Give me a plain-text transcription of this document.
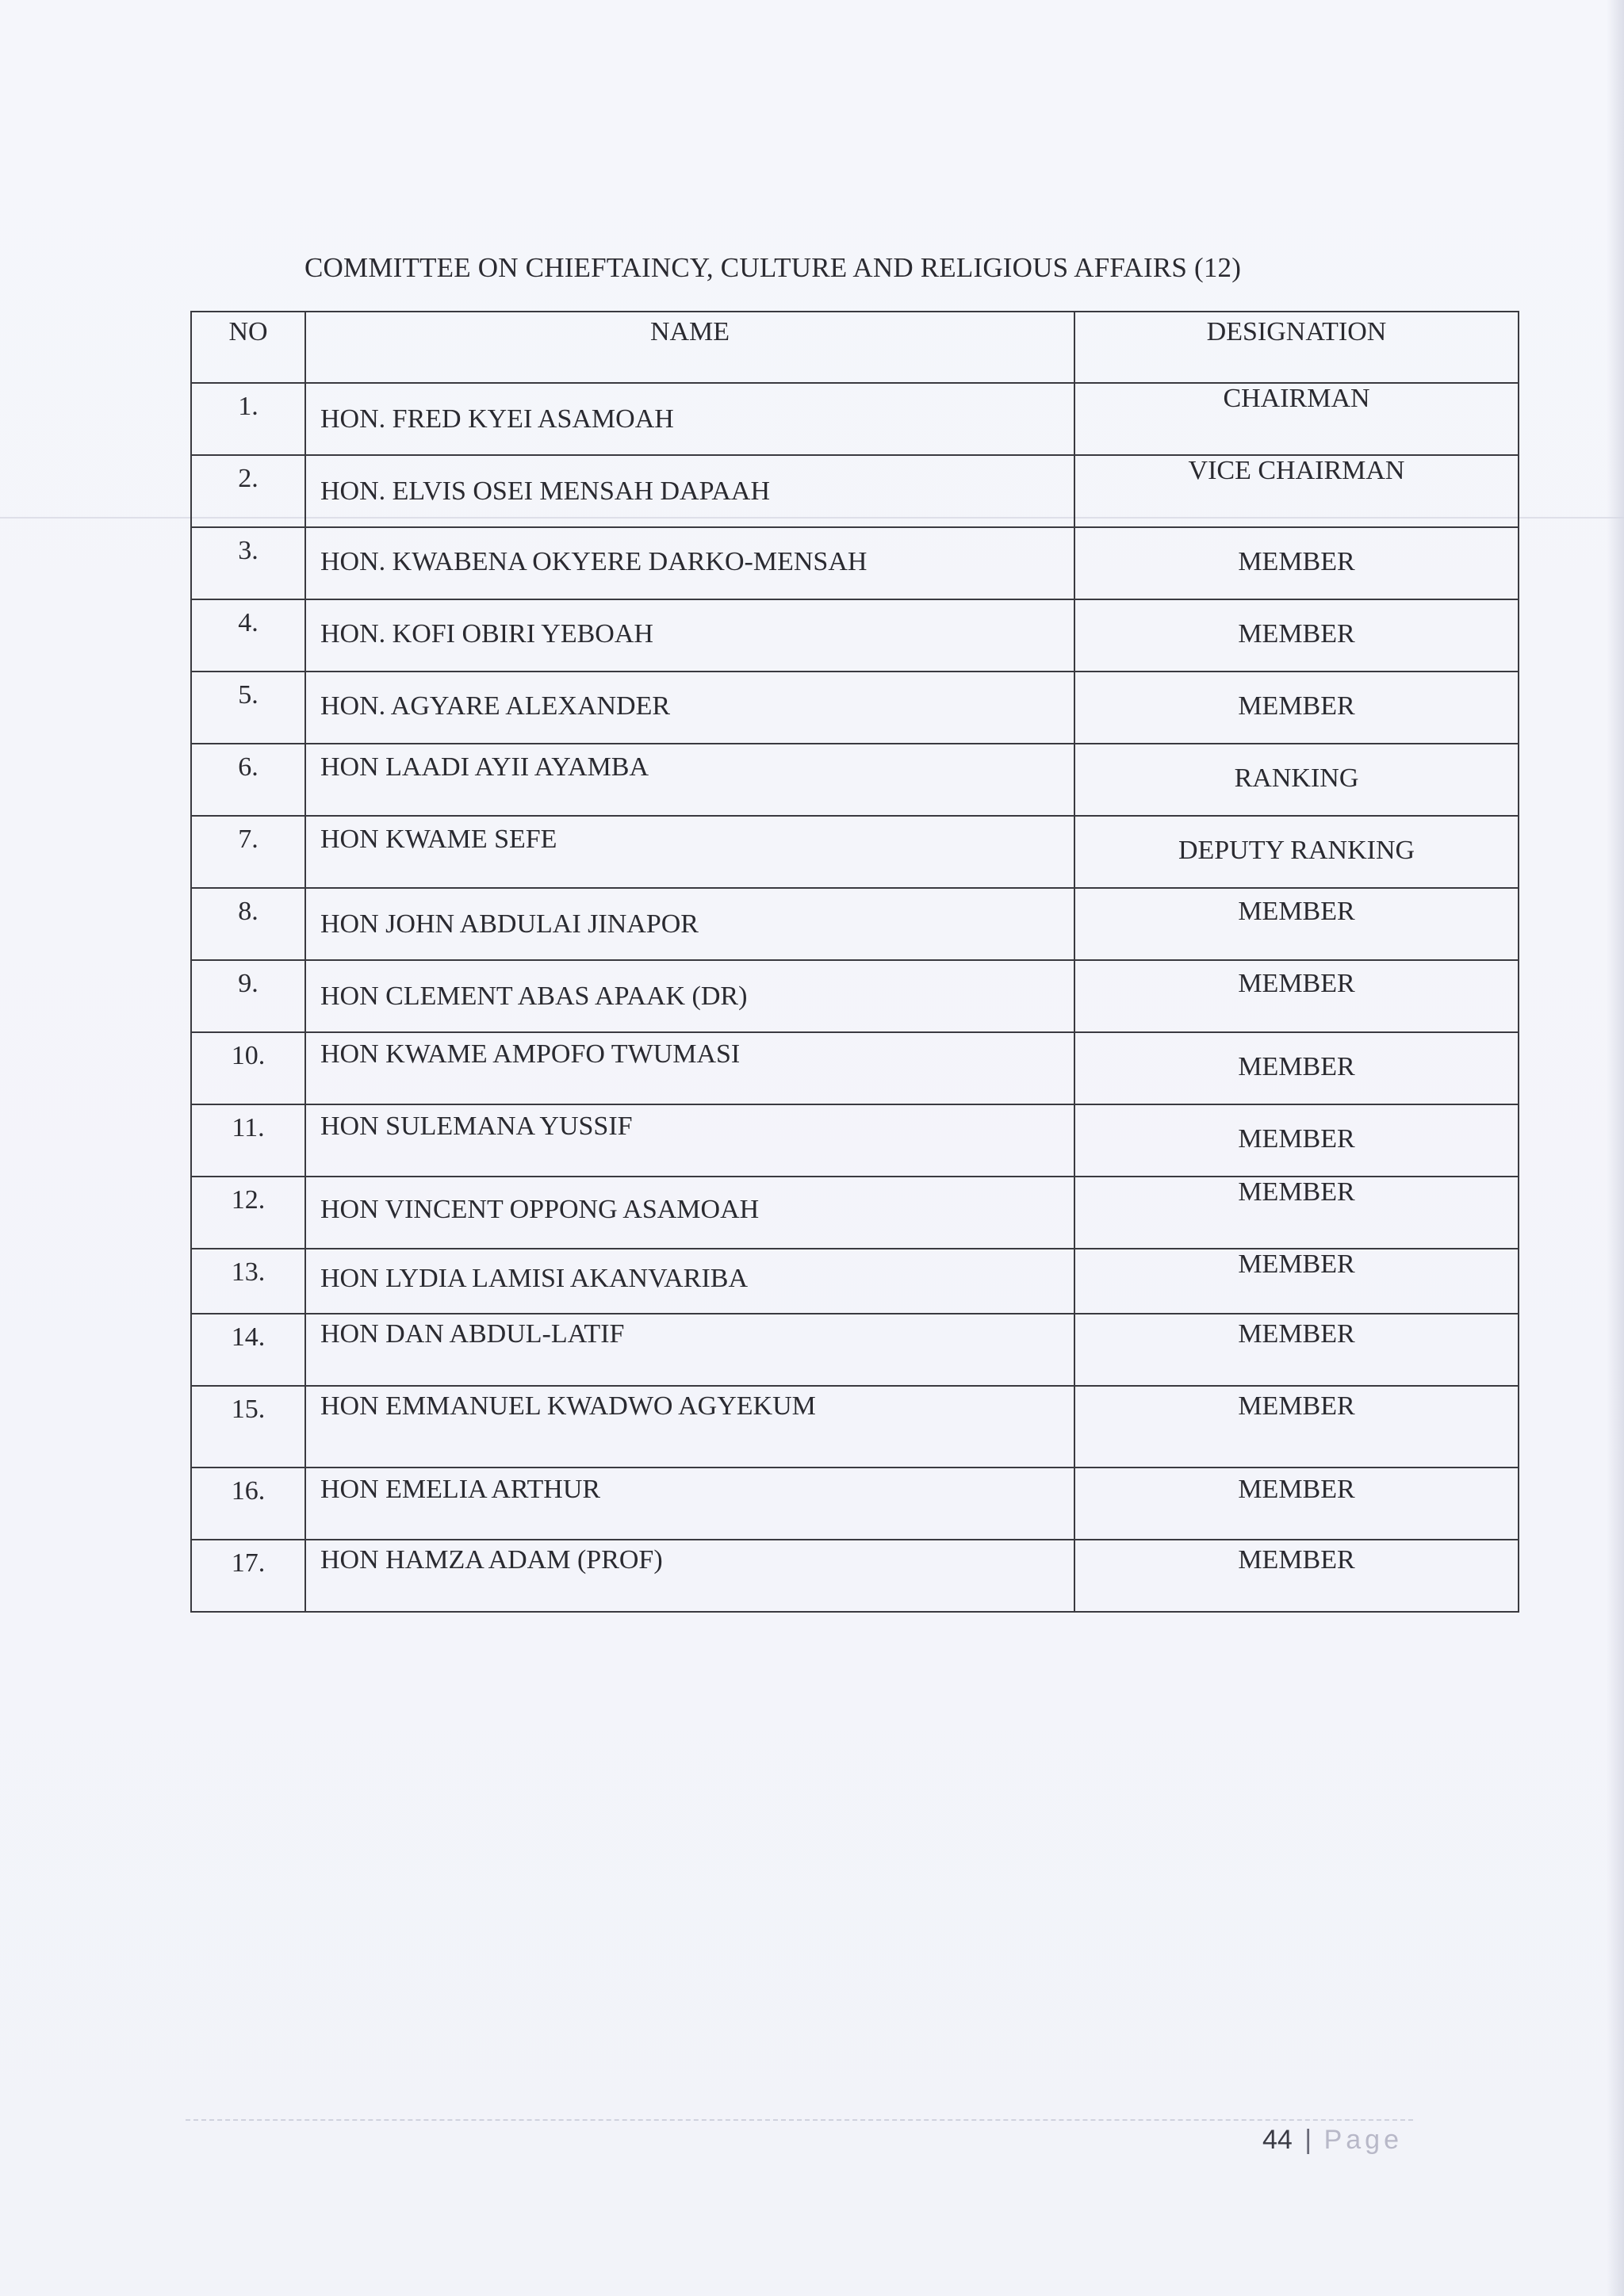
COMMITTEE ON CHIEFTAINCY, CULTURE AND RELIGIOUS AFFAIRS (12)
NO	NAME	DESIGNATION

1.	HON. FRED KYEI ASAMOAH	CHAIRMAN

2.	HON. ELVIS OSEI MENSAH DAPAAH	VICE CHAIRMAN

3.	HON. KWABENA OKYERE DARKO-MENSAH	MEMBER

4.	HON. KOFI OBIRI YEBOAH	MEMBER

5.	HON. AGYARE ALEXANDER	MEMBER

6.	HON LAADI AYII AYAMBA	RANKING

7.	HON KWAME SEFE	DEPUTY RANKING

8.	HON JOHN ABDULAI JINAPOR	MEMBER

9.	HON CLEMENT ABAS APAAK (DR)	MEMBER

10.	HON KWAME AMPOFO TWUMASI	MEMBER

11.	HON SULEMANA YUSSIF	MEMBER

12.	HON VINCENT OPPONG ASAMOAH	MEMBER

13.	HON LYDIA LAMISI AKANVARIBA	MEMBER

14.	HON DAN ABDUL-LATIF	MEMBER

15.	HON EMMANUEL KWADWO AGYEKUM	MEMBER

16.	HON EMELIA ARTHUR	MEMBER

17.	HON HAMZA ADAM (PROF)	MEMBER
44 | Page
